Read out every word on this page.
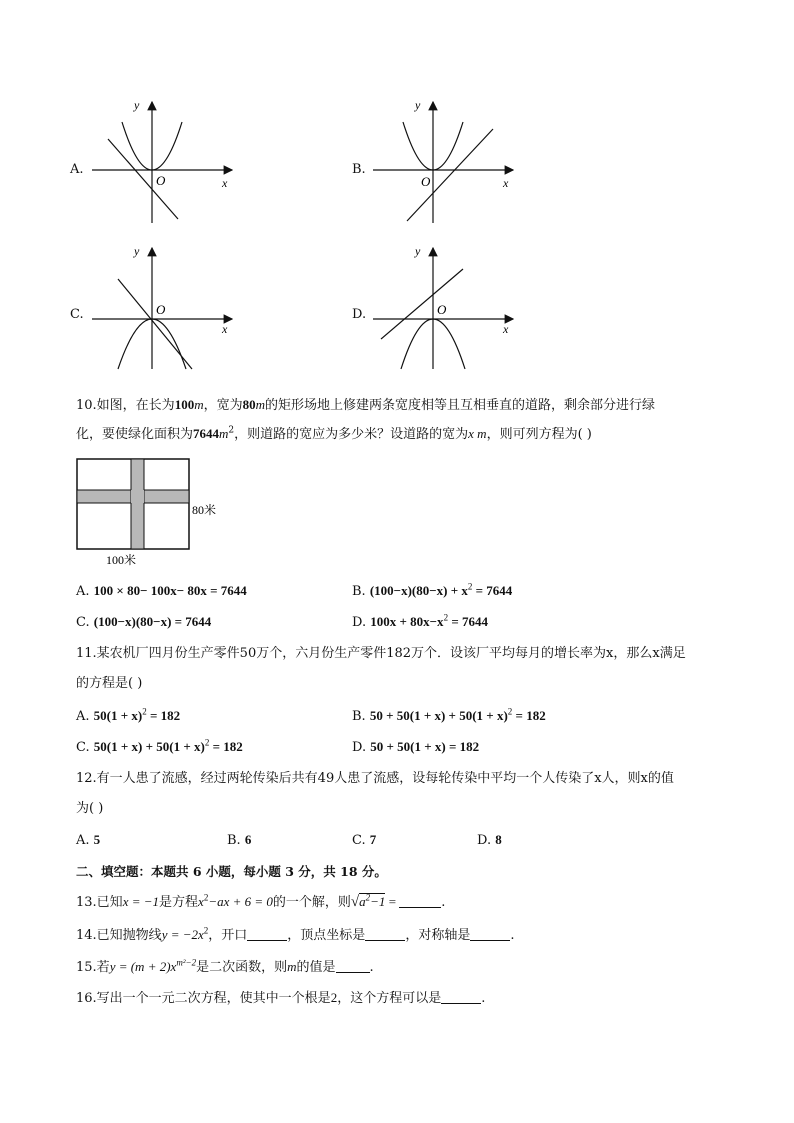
A.
y
O	x
B.
y
O	x
C.
y
O
x
D.
y
O
x
10.如图，在长为100m，宽为80m的矩形场地上修建两条宽度相等且互相垂直的道路，剩余部分进行绿
化，要使绿化面积为$7644m^2$，则道路的宽应为多少米？设道路的宽为x m，则可列方程为( )
80米
100米
A. 100 × 80− 100x− 80x = 7644	B. $(100-x)(80-x) + x^2 = 7644$
C. (100−x)(80−x) = 7644	D. $100x + 80x-x^2 = 7644$
11.某农机厂四月份生产零件50万个，六月份生产零件182万个．设该厂平均每月的增长率为x，那么x满足
的方程是( )
A. $50(1 + x)^2 = 182$	B. $50 + 50(1 + x) + 50(1 + x)^2 = 182$
C. $50(1 + x) + 50(1 + x)^2 = 182$	D. 50 + 50(1 + x) = 182
12.有一人患了流感，经过两轮传染后共有49人患了流感，设每轮传染中平均一个人传染了x人，则x的值
为( )
A. 5	B. 6	C. 7	D. 8
二、填空题：本题共 6 小题，每小题 3 分，共 18 分。
13.已知x = −1是方程$x^2-ax + 6 = 0$的一个解，则$√a^2-1$ =	.
14.已知抛物线$y = -2x^2$，开口	，顶点坐标是	，对称轴是	.
15.若$y = (m + 2)x^{m^2-2}$是二次函数，则m的值是	.
16.写出一个一元二次方程，使其中一个根是2，这个方程可以是	.
